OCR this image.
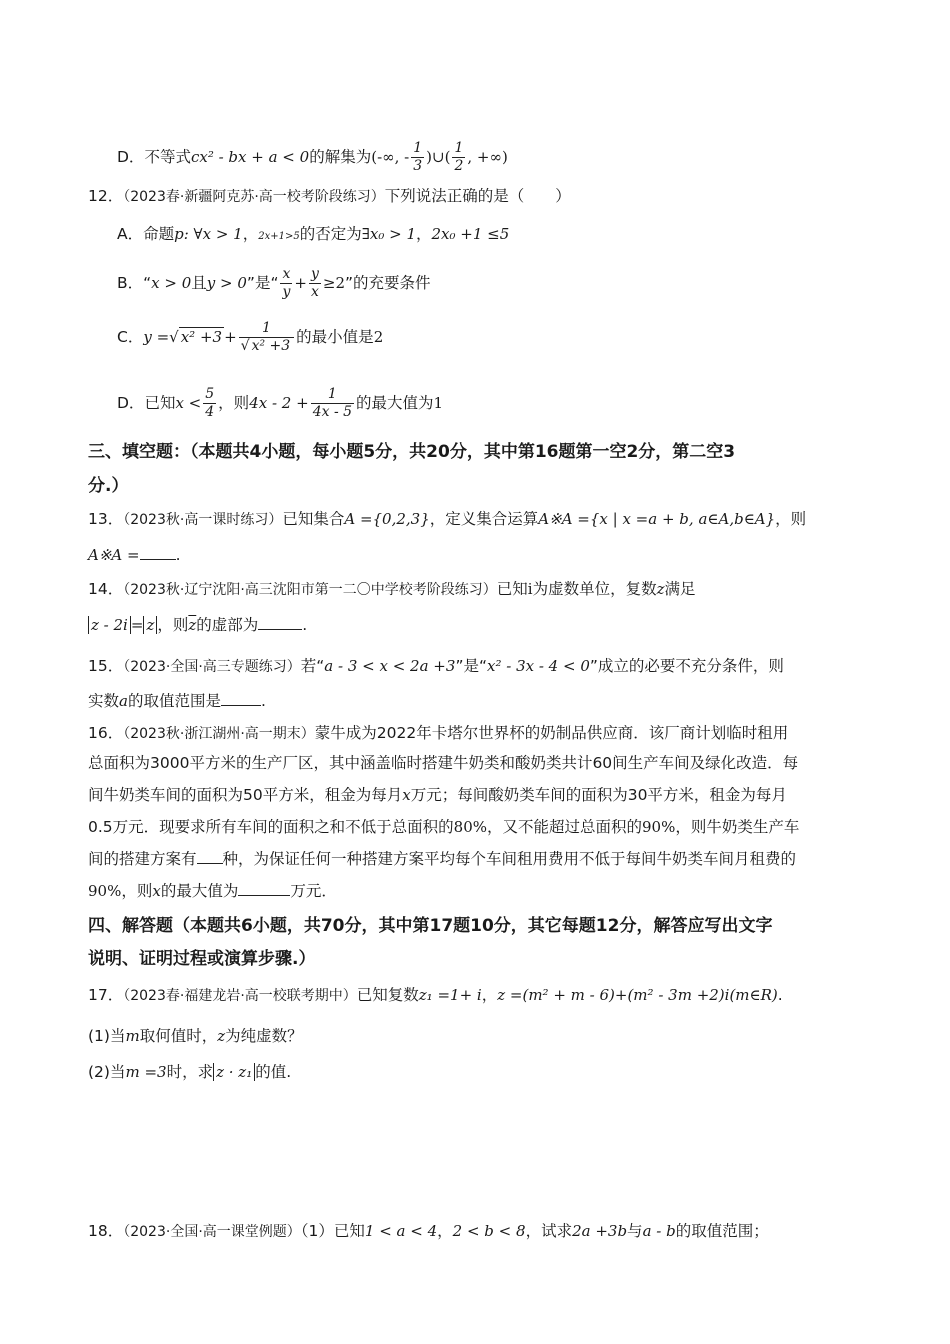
D．不等式cx² - bx + a < 0的解集为(-∞, - $\frac{1}{3}$ )∪( $\frac{1}{2}$ , +∞)
12．（2023春·新疆阿克苏·高一校考阶段练习）下列说法正确的是（　　）
A．命题p: ∀x > 1，2x+1>5的否定为∃x₀ > 1，2x₀ +1 ≤5
B．“x > 0且y > 0”是“ $\frac{x}{y} + \frac{y}{x} \ge 2$”的充要条件
C．y =√ $x^2 +3 + \frac{1}{\text{√ x² +3}}$ 的最小值是2
D．已知$x < \frac{5}{4}$ ，则$4x - 2 + \frac{1}{4x - 5}$ 的最大值为1
三、填空题：（本题共4小题，每小题5分，共20分，其中第16题第一空2分，第二空3
分.）
13．（2023秋·高一课时练习）已知集合A ={0,2,3}，定义集合运算A※A ={x | x =a + b, a∈A,b∈A}，则
A※A = .
14．（2023秋·辽宁沈阳·高三沈阳市第一二〇中学校考阶段练习）已知i为虚数单位，复数z满足
z - 2i = z ，则$\overline{z}$的虚部为	.
15．（2023·全国·高三专题练习）若“a - 3 < x < 2a +3”是“x² - 3x - 4 < 0”成立的必要不充分条件，则
实数a的取值范围是	.
16．（2023秋·浙江湖州·高一期末）蒙牛成为2022年卡塔尔世界杯的奶制品供应商．该厂商计划临时租用
总面积为3000平方米的生产厂区，其中涵盖临时搭建牛奶类和酸奶类共计60间生产车间及绿化改造．每
间牛奶类车间的面积为50平方米，租金为每月x万元；每间酸奶类车间的面积为30平方米，租金为每月
0.5万元．现要求所有车间的面积之和不低于总面积的80%，又不能超过总面积的90%，则牛奶类生产车
间的搭建方案有 种，为保证任何一种搭建方案平均每个车间租用费用不低于每间牛奶类车间月租费的
90%，则x的最大值为	万元．
四、解答题（本题共6小题，共70分，其中第17题10分，其它每题12分，解答应写出文字
说明、证明过程或演算步骤.）
17．（2023春·福建龙岩·高一校联考期中）已知复数z₁ =1+ i，z =(m² + m - 6)+(m² - 3m +2)i(m∈R).
(1)当m取何值时，z为纯虚数？
(2)当m =3时，求 z · z₁ 的值.
18．（2023·全国·高一课堂例题）（1）已知1 < a < 4，2 < b < 8，试求2a +3b与a - b的取值范围；
